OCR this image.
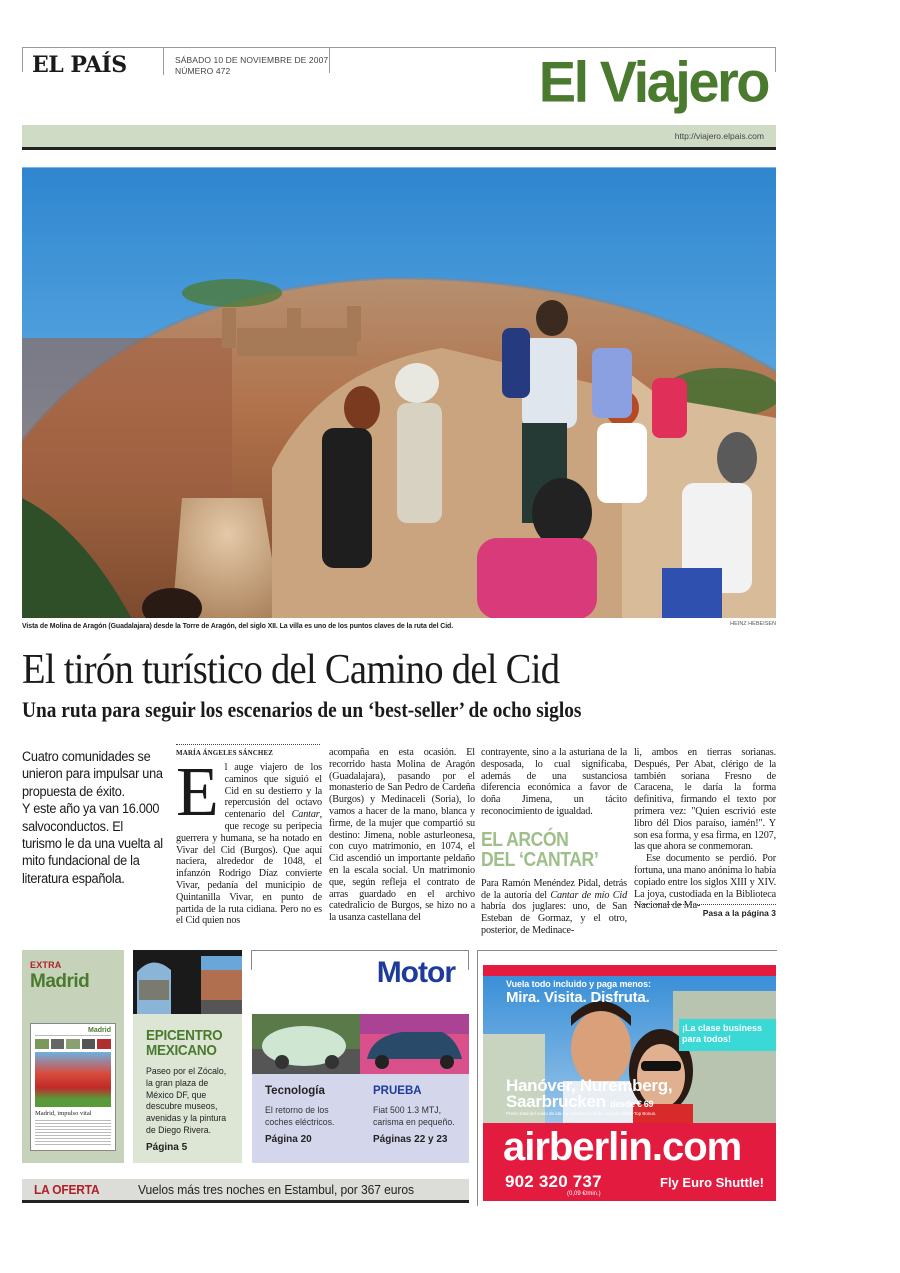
EL PAÍS	SÁBADO 10 DE NOVIEMBRE DE 2007
NÚMERO 472	El Viajero
http://viajero.elpais.com
Vista de Molina de Aragón (Guadalajara) desde la Torre de Aragón, del siglo XII. La villa es uno de los puntos claves de la ruta del Cid.	HEINZ HEBEISEN
El tirón turístico del Camino del Cid
Una ruta para seguir los escenarios de un ‘best-seller’ de ocho siglos
Cuatro comunidades se unieron para impulsar una propuesta de éxito.
Y este año ya van 16.000 salvoconductos. El turismo le da una vuelta al mito fundacional de la literatura española.
MARÍA ÁNGELES SÁNCHEZ
El auge viajero de los caminos que siguió el Cid en su destierro y la repercusión del octavo centenario del Cantar, que recoge su peripecia guerrera y humana, se ha notado en Vivar del Cid (Burgos). Que aquí naciera, alrededor de 1048, el infanzón Rodrigo Díaz convierte Vivar, pedanía del municipio de Quintanilla Vivar, en punto de partida de la ruta cidiana. Pero no es el Cid quien nos
acompaña en esta ocasión. El recorrido hasta Molina de Aragón (Guadalajara), pasando por el monasterio de San Pedro de Cardeña (Burgos) y Medinaceli (Soria), lo vamos a hacer de la mano, blanca y firme, de la mujer que compartió su destino: Jimena, noble asturleonesa, con cuyo matrimonio, en 1074, el Cid ascendió un importante peldaño en la escala social. Un matrimonio que, según refleja el contrato de arras guardado en el archivo catedralicio de Burgos, se hizo no a la usanza castellana del
contrayente, sino a la asturiana de la desposada, lo cual significaba, además de una sustanciosa diferencia económica a favor de doña Jimena, un tácito reconocimiento de igualdad.
EL ARCÓN
DEL ‘CANTAR’
Para Ramón Menéndez Pidal, detrás de la autoría del Cantar de mío Cid habría dos juglares: uno, de San Esteban de Gormaz, y el otro, posterior, de Medinace-
li, ambos en tierras sorianas. Después, Per Abat, clérigo de la también soriana Fresno de Caracena, le daría la forma definitiva, firmando el texto por primera vez: "Quien escrivió este libro dél Dios paraíso, iamén!". Y son esa forma, y esa firma, en 1207, las que ahora se conmemoran.
Ese documento se perdió. Por fortuna, una mano anónima lo había copiado entre los siglos XIII y XIV. La joya, custodiada en la Biblioteca Nacional de Ma-
Pasa a la página 3
EXTRA
Madrid
Madrid
Madrid, impulso vital
EPICENTRO
MEXICANO
Paseo por el Zócalo, la gran plaza de México DF, que descubre museos, avenidas y la pintura de Diego Rivera.
Página 5
Motor
Tecnología
El retorno de los coches eléctricos.
Página 20
PRUEBA
Fiat 500 1.3 MTJ, carisma en pequeño.
Páginas 22 y 23
LA OFERTA	Vuelos más tres noches en Estambul, por 367 euros
Vuela todo incluido y paga menos:
Mira. Visita. Disfruta.
¡La clase business para todos!
Hanóver, Nuremberg,
Saarbrucken desde € 69
Precio total del vuelo de ida con servicio a bordo. Incluye Millas-Top Bonus.
airberlin.com
902 320 737
(0,09 €/min.)
Fly Euro Shuttle!
